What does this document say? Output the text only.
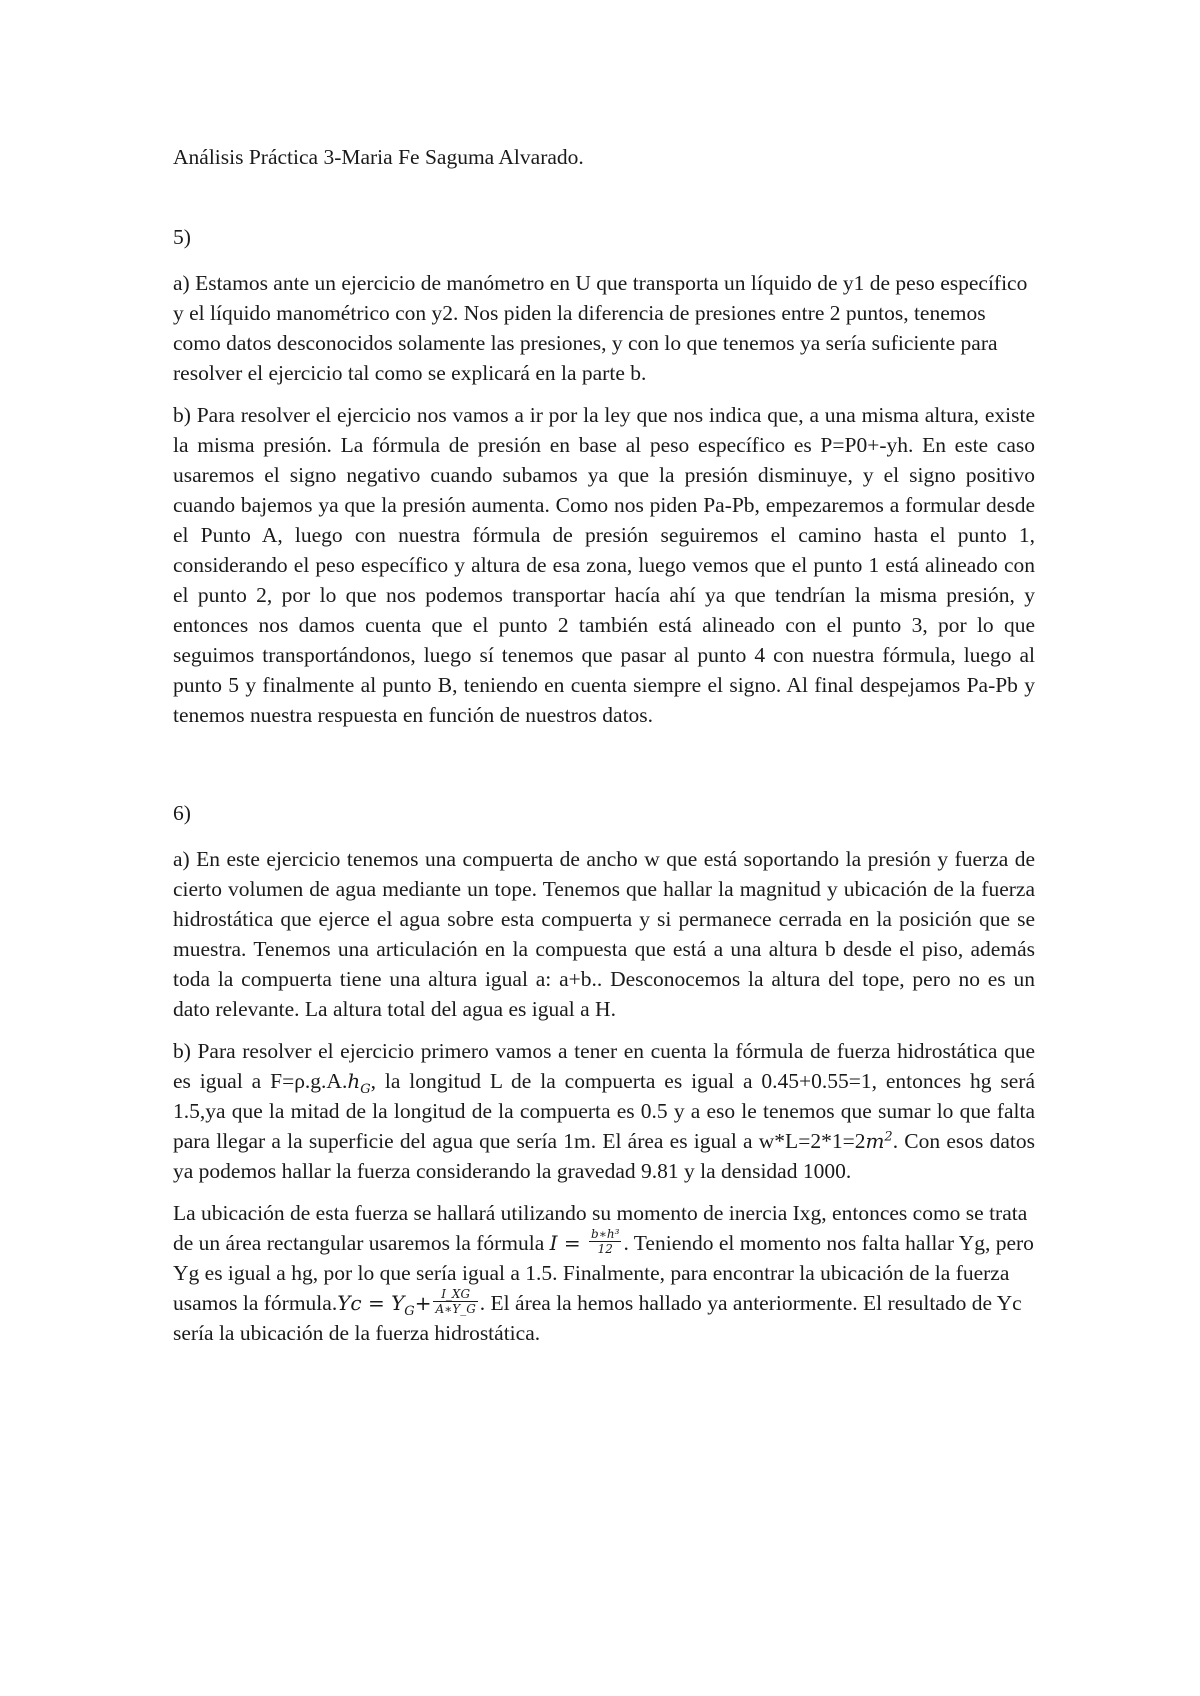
Análisis Práctica 3-Maria Fe Saguma Alvarado.

5)

a) Estamos ante un ejercicio de manómetro en U que transporta un líquido de y1 de peso específico y el líquido manométrico con y2. Nos piden la diferencia de presiones entre 2 puntos, tenemos como datos desconocidos solamente las presiones, y con lo que tenemos ya sería suficiente para resolver el ejercicio tal como se explicará en la parte b.

b) Para resolver el ejercicio nos vamos a ir por la ley que nos indica que, a una misma altura, existe la misma presión. La fórmula de presión en base al peso específico es P=P0+-yh. En este caso usaremos el signo negativo cuando subamos ya que la presión disminuye, y el signo positivo cuando bajemos ya que la presión aumenta. Como nos piden Pa-Pb, empezaremos a formular desde el Punto A, luego con nuestra fórmula de presión seguiremos el camino hasta el punto 1, considerando el peso específico y altura de esa zona, luego vemos que el punto 1 está alineado con el punto 2, por lo que nos podemos transportar hacía ahí ya que tendrían la misma presión, y entonces nos damos cuenta que el punto 2 también está alineado con el punto 3, por lo que seguimos transportándonos, luego sí tenemos que pasar al punto 4 con nuestra fórmula, luego al punto 5 y finalmente al punto B, teniendo en cuenta siempre el signo. Al final despejamos Pa-Pb y tenemos nuestra respuesta en función de nuestros datos.

6)

a) En este ejercicio tenemos una compuerta de ancho w que está soportando la presión y fuerza de cierto volumen de agua mediante un tope. Tenemos que hallar la magnitud y ubicación de la fuerza hidrostática que ejerce el agua sobre esta compuerta y si permanece cerrada en la posición que se muestra. Tenemos una articulación en la compuesta que está a una altura b desde el piso, además toda la compuerta tiene una altura igual a: a+b.. Desconocemos la altura del tope, pero no es un dato relevante. La altura total del agua es igual a H.

b) Para resolver el ejercicio primero vamos a tener en cuenta la fórmula de fuerza hidrostática que es igual a $F=\rho.g.A.h_G$, la longitud L de la compuerta es igual a 0.45+0.55=1, entonces hg será 1.5,ya que la mitad de la longitud de la compuerta es 0.5 y a eso le tenemos que sumar lo que falta para llegar a la superficie del agua que sería 1m. El área es igual a $w*L=2*1=2m^2$. Con esos datos ya podemos hallar la fuerza considerando la gravedad 9.81 y la densidad 1000.

La ubicación de esta fuerza se hallará utilizando su momento de inercia Ixg, entonces como se trata de un área rectangular usaremos la fórmula $I = \frac{\text{b∗h³}}{12}$ . Teniendo el momento nos falta hallar Yg, pero Yg es igual a hg, por lo que sería igual a 1.5. Finalmente, para encontrar la ubicación de la fuerza usamos la fórmula.Yc = $Y_G+ \frac{I\_XG}{A∗Y\_G}$ . El área la hemos hallado ya anteriormente. El resultado de Yc sería la ubicación de la fuerza hidrostática.
